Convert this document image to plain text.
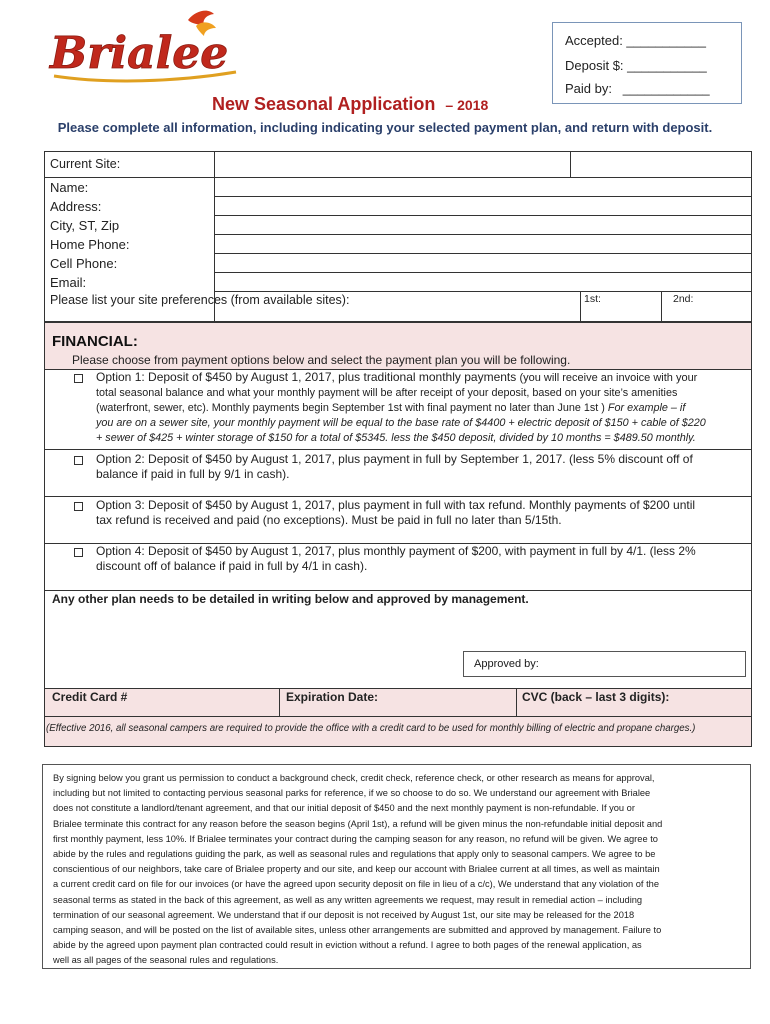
Brialee	Accepted: ___________
Deposit $: ___________
Paid by:   ____________
New Seasonal Application – 2018
Please complete all information, including indicating your selected payment plan, and return with deposit.
Current Site:
Name:
Address:
City, ST, Zip
Home Phone:
Cell Phone:
Email:
Please list your site preferences (from available sites):	1st:	2nd:
FINANCIAL:
Please choose from payment options below and select the payment plan you will be following.
Option 1: Deposit of $450 by August 1, 2017, plus traditional monthly payments (you will receive an invoice with your
total seasonal balance and what your monthly payment will be after receipt of your deposit, based on your site’s amenities
(waterfront, sewer, etc). Monthly payments begin September 1st with final payment no later than June 1st ) For example – if
you are on a sewer site, your monthly payment will be equal to the base rate of $4400 + electric deposit of $150 + cable of $220
+ sewer of $425 + winter storage of $150 for a total of $5345. less the $450 deposit, divided by 10 months = $489.50 monthly.
Option 2: Deposit of $450 by August 1, 2017, plus payment in full by September 1, 2017. (less 5% discount off of
balance if paid in full by 9/1 in cash).
Option 3: Deposit of $450 by August 1, 2017, plus payment in full with tax refund. Monthly payments of $200 until
tax refund is received and paid (no exceptions). Must be paid in full no later than 5/15th.
Option 4: Deposit of $450 by August 1, 2017, plus monthly payment of $200, with payment in full by 4/1. (less 2%
discount off of balance if paid in full by 4/1 in cash).
Any other plan needs to be detailed in writing below and approved by management.
Approved by:
Credit Card #	Expiration Date:	CVC (back – last 3 digits):
(Effective 2016, all seasonal campers are required to provide the office with a credit card to be used for monthly billing of electric and propane charges.)
By signing below you grant us permission to conduct a background check, credit check, reference check, or other research as means for approval,
including but not limited to contacting pervious seasonal parks for reference, if we so choose to do so. We understand our agreement with Brialee
does not constitute a landlord/tenant agreement, and that our initial deposit of $450 and the next monthly payment is non-refundable. If you or
Brialee terminate this contract for any reason before the season begins (April 1st), a refund will be given minus the non-refundable initial deposit and
first monthly payment, less 10%. If Brialee terminates your contract during the camping season for any reason, no refund will be given. We agree to
abide by the rules and regulations guiding the park, as well as seasonal rules and regulations that apply only to seasonal campers. We agree to be
conscientious of our neighbors, take care of Brialee property and our site, and keep our account with Brialee current at all times, as well as maintain
a current credit card on file for our invoices (or have the agreed upon security deposit on file in lieu of a c/c), We understand that any violation of the
seasonal terms as stated in the back of this agreement, as well as any written agreements we request, may result in remedial action – including
termination of our seasonal agreement. We understand that if our deposit is not received by August 1st, our site may be released for the 2018
camping season, and will be posted on the list of available sites, unless other arrangements are submitted and approved by management. Failure to
abide by the agreed upon payment plan contracted could result in eviction without a refund. I agree to both pages of the renewal application, as
well as all pages of the seasonal rules and regulations.
